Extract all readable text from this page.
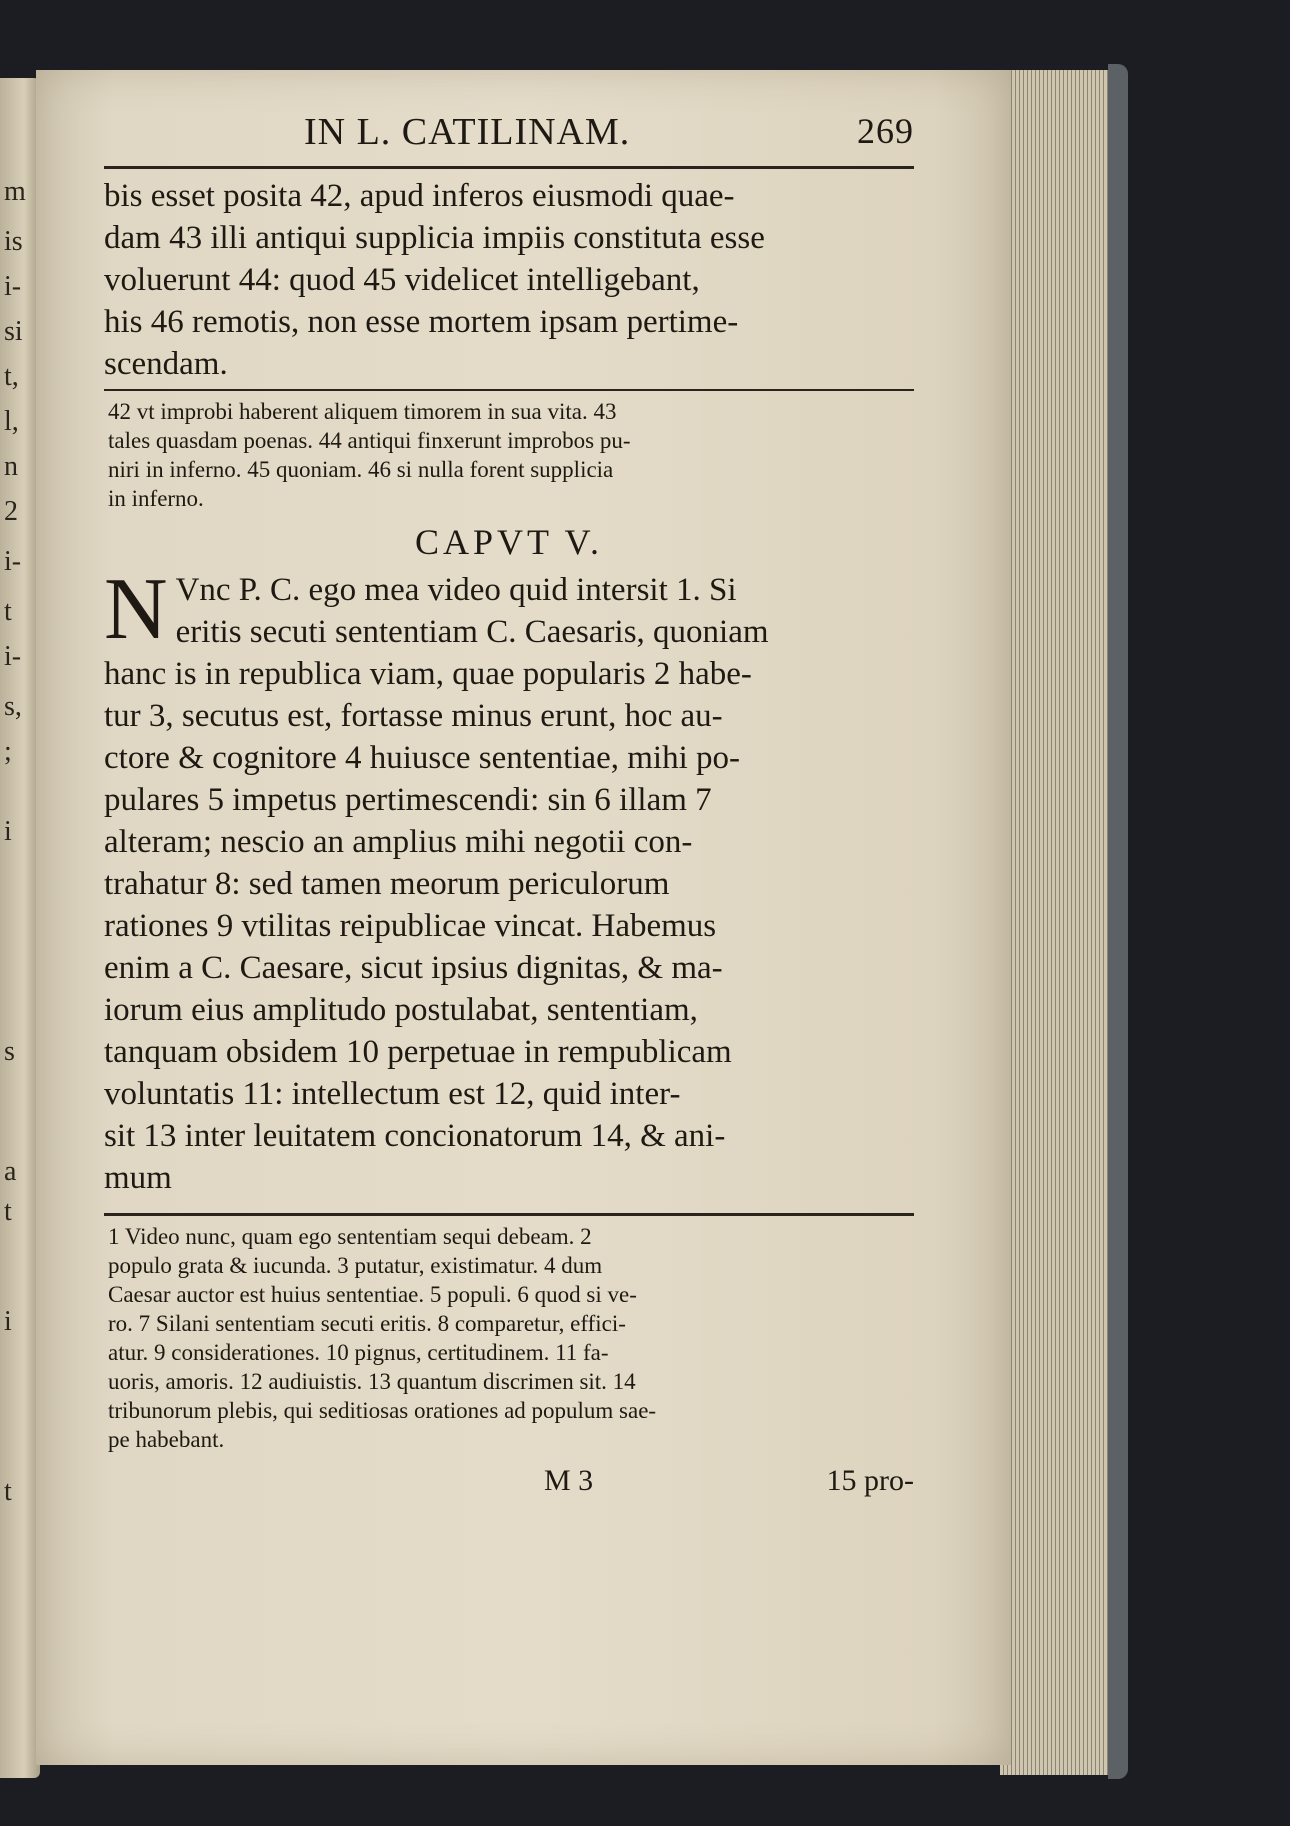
m
is
i-
si
t,
l,
n
2
i-
t
i-
s,
;
i
s
a
t
i
t
IN L. CATILINAM.	269

bis esset posita 42, apud inferos eiusmodi quae-

dam 43 illi antiqui supplicia impiis constituta esse

voluerunt 44: quod 45 videlicet intelligebant,

his 46 remotis, non esse mortem ipsam pertime-

scendam.

42 vt improbi haberent aliquem timorem in sua vita. 43

tales quasdam poenas. 44 antiqui finxerunt improbos pu-

niri in inferno. 45 quoniam. 46 si nulla forent supplicia

in inferno.

CAPVT V.
N Vnc P. C. ego mea video quid intersit 1. Si

eritis secuti sententiam C. Caesaris, quoniam

hanc is in republica viam, quae popularis 2 habe-

tur 3, secutus est, fortasse minus erunt, hoc au-

ctore & cognitore 4 huiusce sententiae, mihi po-

pulares 5 impetus pertimescendi: sin 6 illam 7

alteram; nescio an amplius mihi negotii con-

trahatur 8: sed tamen meorum periculorum

rationes 9 vtilitas reipublicae vincat. Habemus

enim a C. Caesare, sicut ipsius dignitas, & ma-

iorum eius amplitudo postulabat, sententiam,

tanquam obsidem 10 perpetuae in rempublicam

voluntatis 11: intellectum est 12, quid inter-

sit 13 inter leuitatem concionatorum 14, & ani-

mum

1 Video nunc, quam ego sententiam sequi debeam. 2

populo grata & iucunda. 3 putatur, existimatur. 4 dum

Caesar auctor est huius sententiae. 5 populi. 6 quod si ve-

ro. 7 Silani sententiam secuti eritis. 8 comparetur, effici-

atur. 9 considerationes. 10 pignus, certitudinem. 11 fa-

uoris, amoris. 12 audiuistis. 13 quantum discrimen sit. 14

tribunorum plebis, qui seditiosas orationes ad populum sae-

pe habebant.

M 3	15 pro-
